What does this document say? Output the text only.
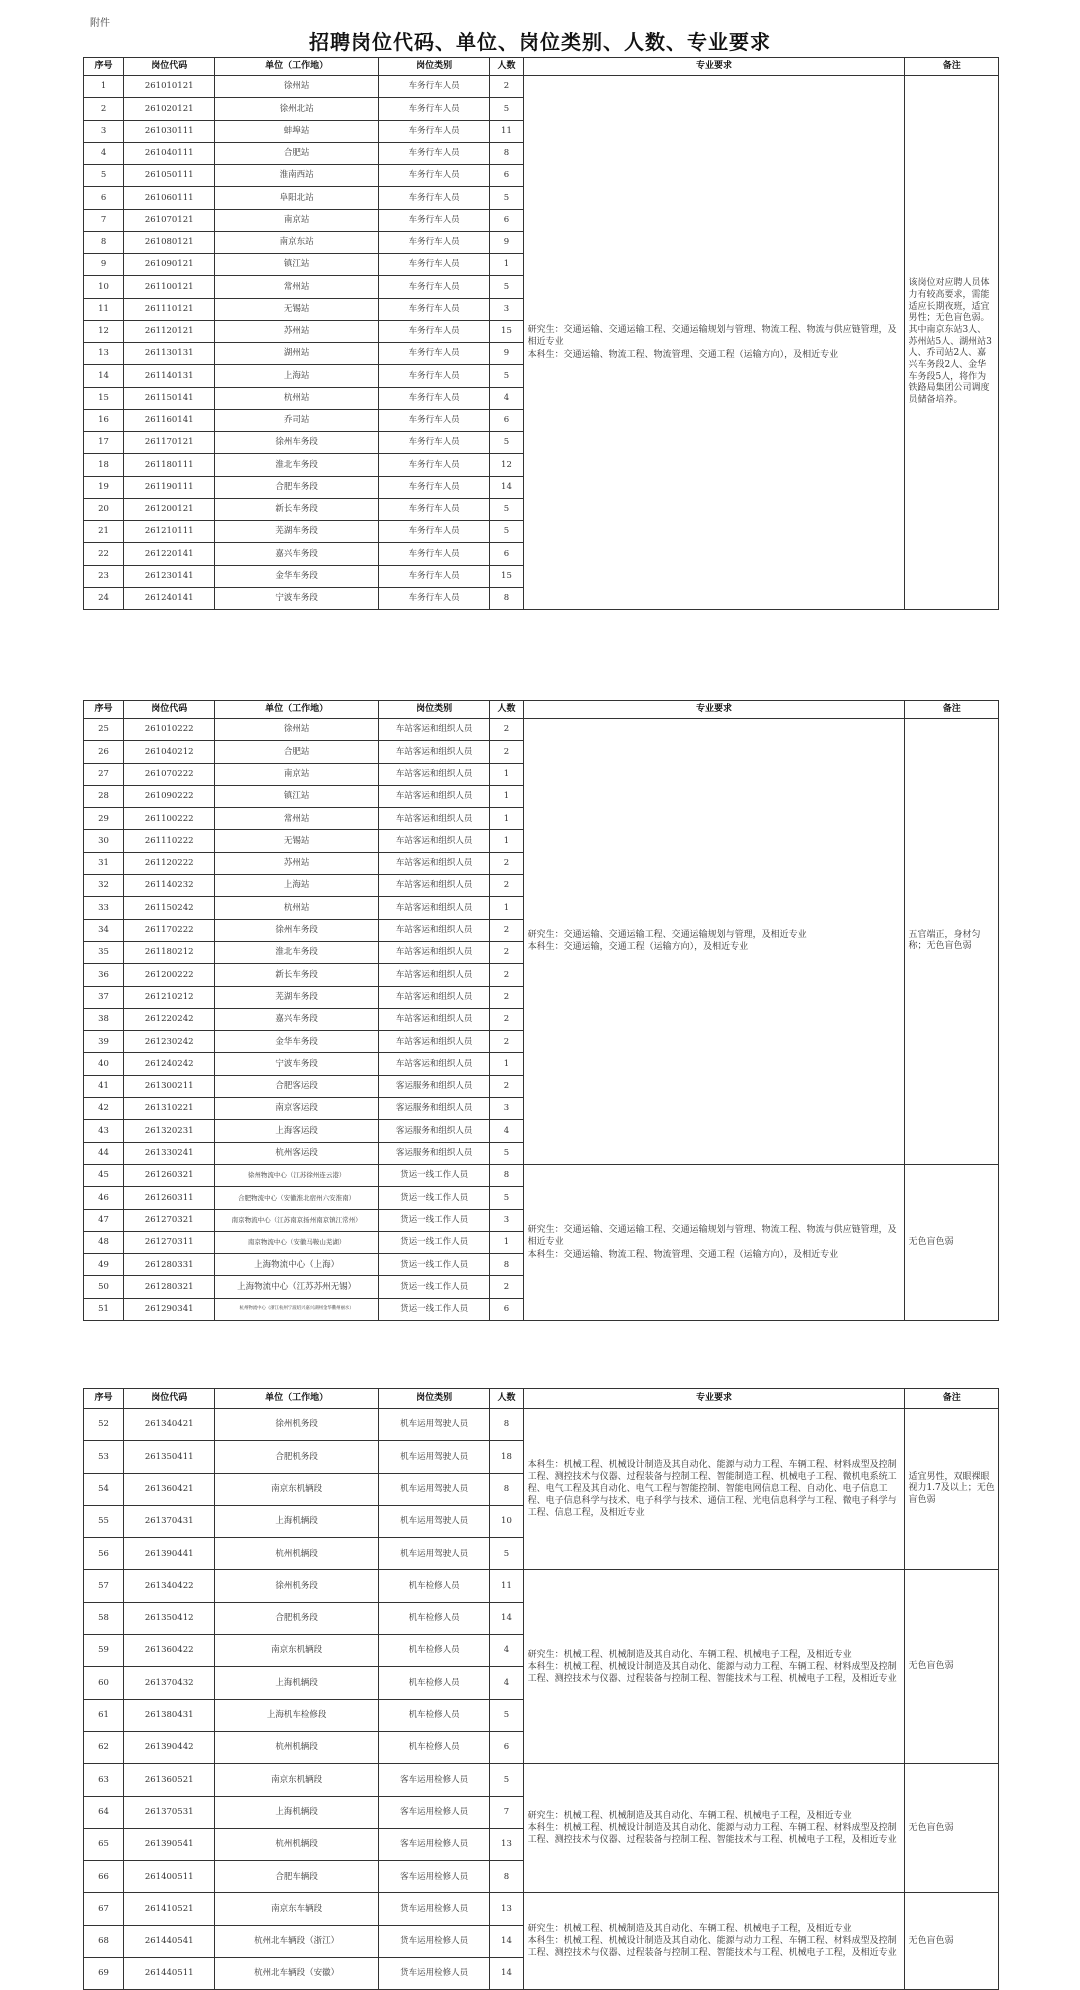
附件
招聘岗位代码、单位、岗位类别、人数、专业要求
序号	岗位代码	单位（工作地）	岗位类别	人数	专业要求	备注
1	261010121	徐州站	车务行车人员	2	研究生：交通运输、交通运输工程、交通运输规划与管理、物流工程、物流与供应链管理，及相近专业
本科生：交通运输、物流工程、物流管理、交通工程（运输方向），及相近专业	该岗位对应聘人员体力有较高要求，需能适应长期夜班，适宜男性；无色盲色弱。其中南京东站3人、苏州站5人、湖州站3人、乔司站2人、嘉兴车务段2人、金华车务段5人，将作为铁路局集团公司调度员储备培养。
2	261020121	徐州北站	车务行车人员	5		
3	261030111	蚌埠站	车务行车人员	11		
4	261040111	合肥站	车务行车人员	8		
5	261050111	淮南西站	车务行车人员	6		
6	261060111	阜阳北站	车务行车人员	5		
7	261070121	南京站	车务行车人员	6		
8	261080121	南京东站	车务行车人员	9		
9	261090121	镇江站	车务行车人员	1		
10	261100121	常州站	车务行车人员	5		
11	261110121	无锡站	车务行车人员	3		
12	261120121	苏州站	车务行车人员	15		
13	261130131	湖州站	车务行车人员	9		
14	261140131	上海站	车务行车人员	5		
15	261150141	杭州站	车务行车人员	4		
16	261160141	乔司站	车务行车人员	6		
17	261170121	徐州车务段	车务行车人员	5		
18	261180111	淮北车务段	车务行车人员	12		
19	261190111	合肥车务段	车务行车人员	14		
20	261200121	新长车务段	车务行车人员	5		
21	261210111	芜湖车务段	车务行车人员	5		
22	261220141	嘉兴车务段	车务行车人员	6		
23	261230141	金华车务段	车务行车人员	15		
24	261240141	宁波车务段	车务行车人员	8		
序号	岗位代码	单位（工作地）	岗位类别	人数	专业要求	备注
25	261010222	徐州站	车站客运和组织人员	2	研究生：交通运输、交通运输工程、交通运输规划与管理，及相近专业
本科生：交通运输，交通工程（运输方向），及相近专业	五官端正，身材匀称；无色盲色弱
26	261040212	合肥站	车站客运和组织人员	2		
27	261070222	南京站	车站客运和组织人员	1		
28	261090222	镇江站	车站客运和组织人员	1		
29	261100222	常州站	车站客运和组织人员	1		
30	261110222	无锡站	车站客运和组织人员	1		
31	261120222	苏州站	车站客运和组织人员	2		
32	261140232	上海站	车站客运和组织人员	2		
33	261150242	杭州站	车站客运和组织人员	1		
34	261170222	徐州车务段	车站客运和组织人员	2		
35	261180212	淮北车务段	车站客运和组织人员	2		
36	261200222	新长车务段	车站客运和组织人员	2		
37	261210212	芜湖车务段	车站客运和组织人员	2		
38	261220242	嘉兴车务段	车站客运和组织人员	2		
39	261230242	金华车务段	车站客运和组织人员	2		
40	261240242	宁波车务段	车站客运和组织人员	1		
41	261300211	合肥客运段	客运服务和组织人员	2		
42	261310221	南京客运段	客运服务和组织人员	3		
43	261320231	上海客运段	客运服务和组织人员	4		
44	261330241	杭州客运段	客运服务和组织人员	5		
45	261260321	徐州物流中心（江苏徐州连云港）	货运一线工作人员	8	研究生：交通运输、交通运输工程、交通运输规划与管理、物流工程、物流与供应链管理，及相近专业
本科生：交通运输、物流工程、物流管理、交通工程（运输方向），及相近专业	无色盲色弱
46	261260311	合肥物流中心（安徽淮北宿州六安淮南）	货运一线工作人员	5		
47	261270321	南京物流中心（江苏南京扬州南京镇江常州）	货运一线工作人员	3		
48	261270311	南京物流中心（安徽马鞍山芜湖）	货运一线工作人员	1		
49	261280331	上海物流中心（上海）	货运一线工作人员	8		
50	261280321	上海物流中心（江苏苏州无锡）	货运一线工作人员	2		
51	261290341	杭州物流中心（浙江杭州宁波绍兴嘉兴湖州金华衢州丽水）	货运一线工作人员	6		
序号	岗位代码	单位（工作地）	岗位类别	人数	专业要求	备注
52	261340421	徐州机务段	机车运用驾驶人员	8	本科生：机械工程、机械设计制造及其自动化、能源与动力工程、车辆工程、材料成型及控制工程、测控技术与仪器、过程装备与控制工程、智能制造工程、机械电子工程、微机电系统工程、电气工程及其自动化、电气工程与智能控制、智能电网信息工程、自动化、电子信息工程、电子信息科学与技术、电子科学与技术、通信工程、光电信息科学与工程、微电子科学与工程、信息工程，及相近专业	适宜男性，双眼裸眼视力1.7及以上；无色盲色弱
53	261350411	合肥机务段	机车运用驾驶人员	18		
54	261360421	南京东机辆段	机车运用驾驶人员	8		
55	261370431	上海机辆段	机车运用驾驶人员	10		
56	261390441	杭州机辆段	机车运用驾驶人员	5		
57	261340422	徐州机务段	机车检修人员	11	研究生：机械工程、机械制造及其自动化、车辆工程、机械电子工程，及相近专业
本科生：机械工程、机械设计制造及其自动化、能源与动力工程、车辆工程、材料成型及控制工程、测控技术与仪器、过程装备与控制工程、智能技术与工程、机械电子工程，及相近专业	无色盲色弱
58	261350412	合肥机务段	机车检修人员	14		
59	261360422	南京东机辆段	机车检修人员	4		
60	261370432	上海机辆段	机车检修人员	4		
61	261380431	上海机车检修段	机车检修人员	5		
62	261390442	杭州机辆段	机车检修人员	6		
63	261360521	南京东机辆段	客车运用检修人员	5	研究生：机械工程、机械制造及其自动化、车辆工程、机械电子工程，及相近专业
本科生：机械工程、机械设计制造及其自动化、能源与动力工程、车辆工程、材料成型及控制工程、测控技术与仪器、过程装备与控制工程、智能技术与工程、机械电子工程，及相近专业	无色盲色弱
64	261370531	上海机辆段	客车运用检修人员	7		
65	261390541	杭州机辆段	客车运用检修人员	13		
66	261400511	合肥车辆段	客车运用检修人员	8		
67	261410521	南京东车辆段	货车运用检修人员	13	研究生：机械工程、机械制造及其自动化、车辆工程、机械电子工程，及相近专业
本科生：机械工程、机械设计制造及其自动化、能源与动力工程、车辆工程、材料成型及控制工程、测控技术与仪器、过程装备与控制工程、智能技术与工程、机械电子工程，及相近专业	无色盲色弱
68	261440541	杭州北车辆段（浙江）	货车运用检修人员	14		
69	261440511	杭州北车辆段（安徽）	货车运用检修人员	14		
